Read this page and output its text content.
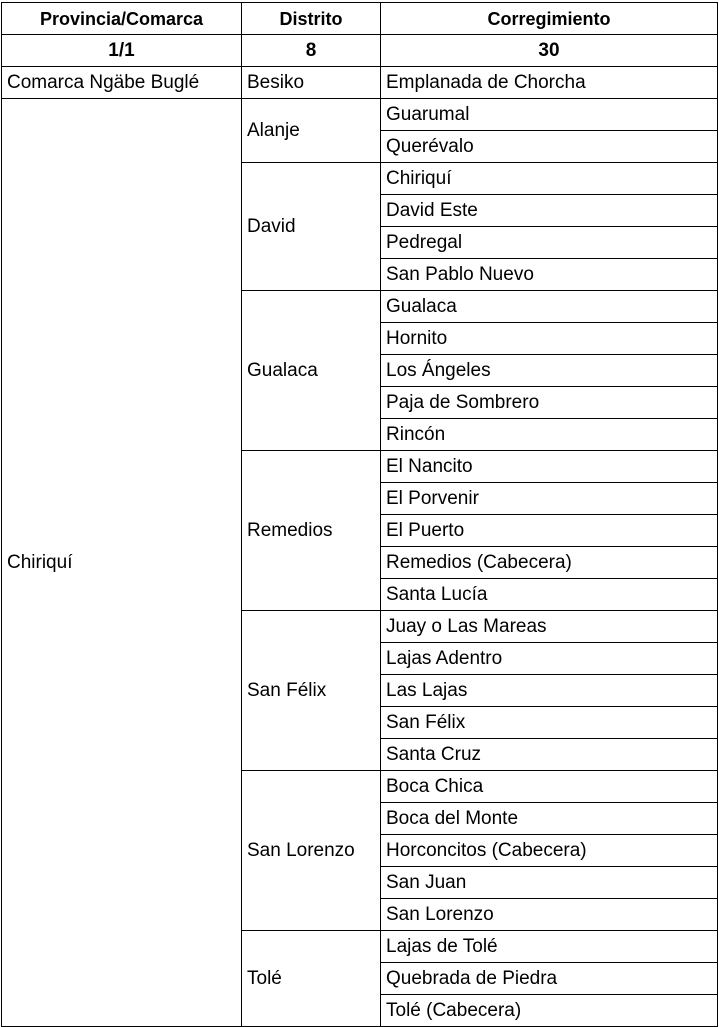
Provincia/Comarca	Distrito	Corregimiento
1/1	8	30
Comarca Ngäbe Buglé	Besiko	Emplanada de Chorcha
Chiriquí	Alanje	Guarumal
		Querévalo
	David	Chiriquí
		David Este
		Pedregal
		San Pablo Nuevo
	Gualaca	Gualaca
		Hornito
		Los Ángeles
		Paja de Sombrero
		Rincón
	Remedios	El Nancito
		El Porvenir
		El Puerto
		Remedios (Cabecera)
		Santa Lucía
	San Félix	Juay o Las Mareas
		Lajas Adentro
		Las Lajas
		San Félix
		Santa Cruz
	San Lorenzo	Boca Chica
		Boca del Monte
		Horconcitos (Cabecera)
		San Juan
		San Lorenzo
	Tolé	Lajas de Tolé
		Quebrada de Piedra
		Tolé (Cabecera)
